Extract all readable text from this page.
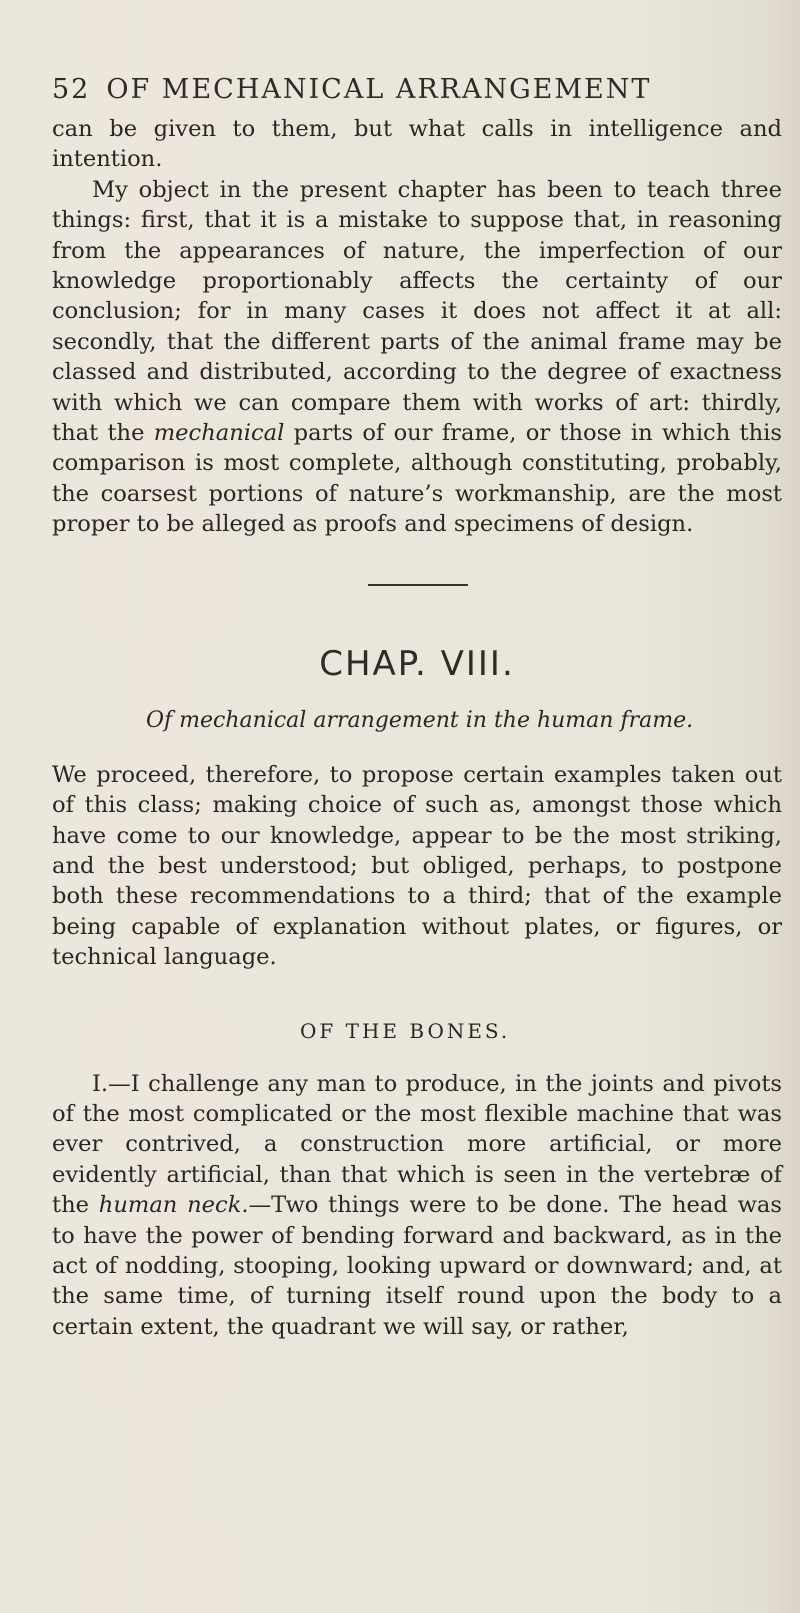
52 OF MECHANICAL ARRANGEMENT

can be given to them, but what calls in intelligence and intention.

My object in the present chapter has been to teach three things: first, that it is a mistake to suppose that, in reasoning from the appearances of nature, the imperfection of our knowledge proportionably affects the certainty of our conclusion; for in many cases it does not affect it at all: secondly, that the different parts of the animal frame may be classed and distributed, according to the degree of exactness with which we can compare them with works of art: thirdly, that the mechanical parts of our frame, or those in which this comparison is most complete, although constituting, probably, the coarsest portions of nature’s workmanship, are the most proper to be alleged as proofs and specimens of design.

CHAP. VIII.
Of mechanical arrangement in the human frame.

We proceed, therefore, to propose certain examples taken out of this class; making choice of such as, amongst those which have come to our knowledge, appear to be the most striking, and the best understood; but obliged, perhaps, to postpone both these recommendations to a third; that of the example being capable of explanation without plates, or figures, or technical language.

OF THE BONES.

I.—I challenge any man to produce, in the joints and pivots of the most complicated or the most flexible machine that was ever contrived, a construction more artificial, or more evidently artificial, than that which is seen in the vertebræ of the human neck.—Two things were to be done. The head was to have the power of bending forward and backward, as in the act of nodding, stooping, looking upward or downward; and, at the same time, of turning itself round upon the body to a certain extent, the quadrant we will say, or rather,
